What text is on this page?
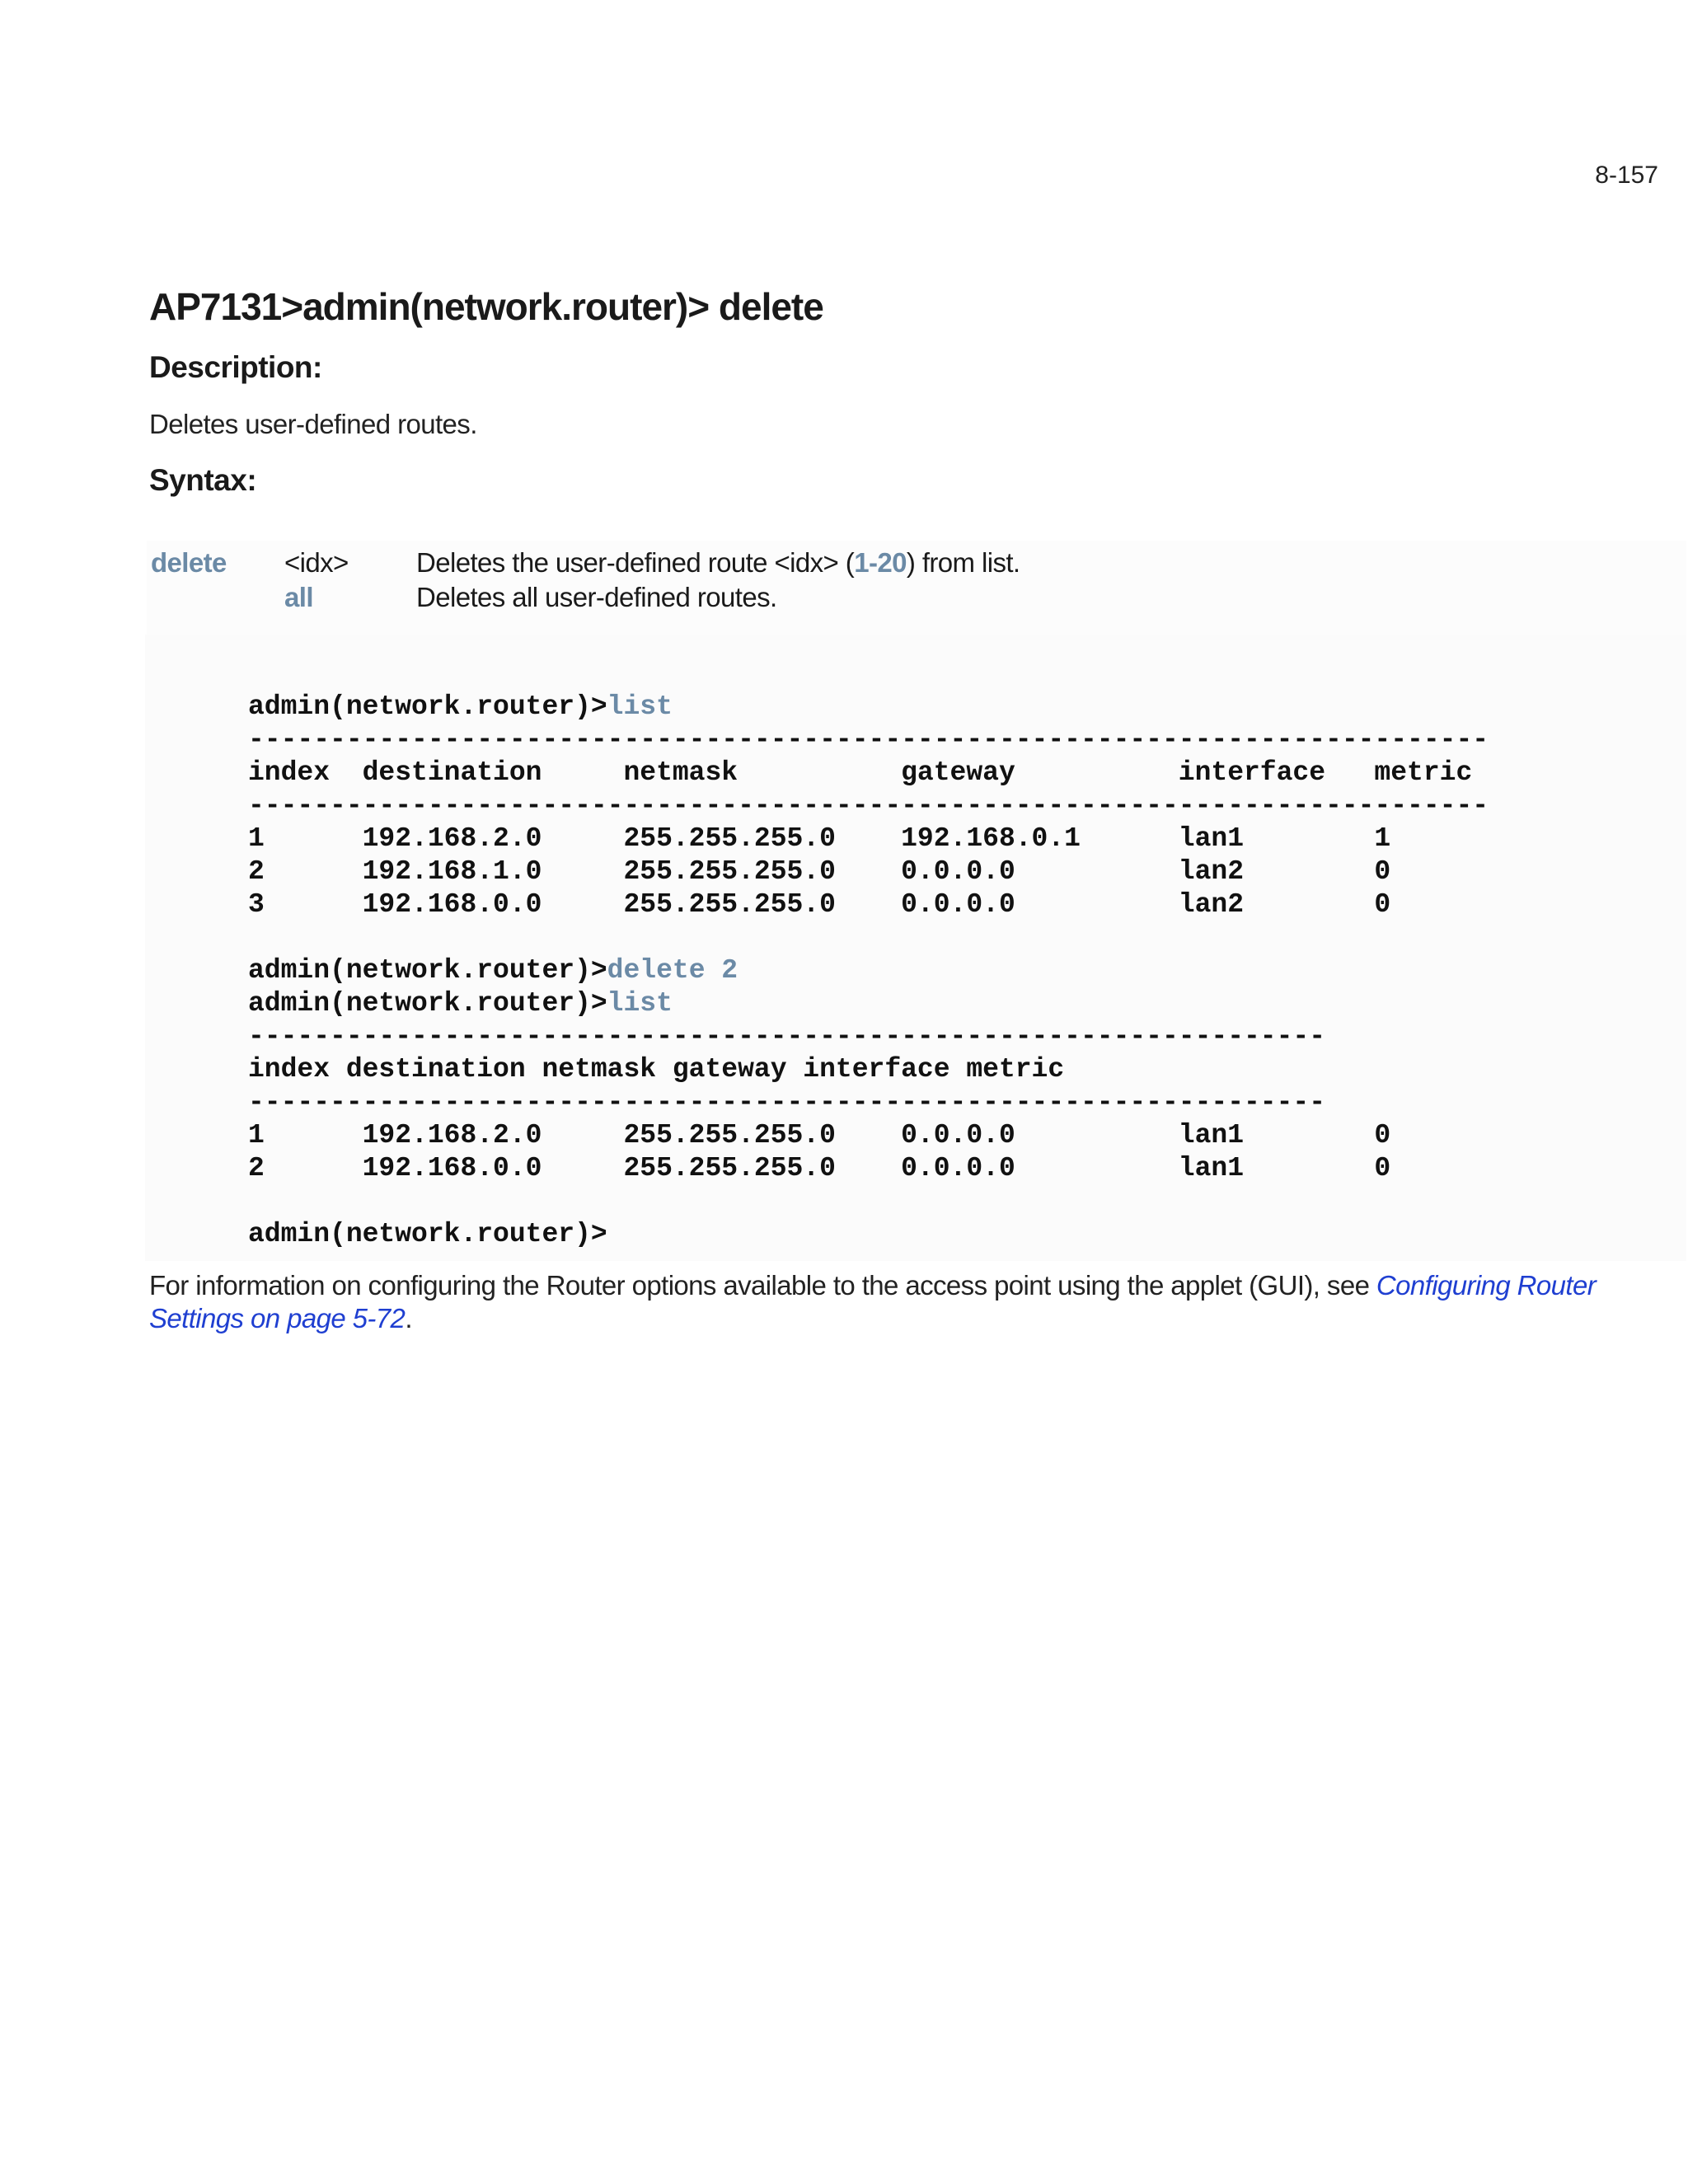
8-157
AP7131>admin(network.router)> delete
Description:
Deletes user-defined routes.
Syntax:
delete <idx> Deletes the user-defined route <idx> (1-20) from list.
all	Deletes all user-defined routes.
admin(network.router)>list
----------------------------------------------------------------------------
index  destination     netmask          gateway          interface   metric
----------------------------------------------------------------------------
1      192.168.2.0     255.255.255.0    192.168.0.1      lan1        1
2      192.168.1.0     255.255.255.0    0.0.0.0          lan2        0
3      192.168.0.0     255.255.255.0    0.0.0.0          lan2        0
admin(network.router)>delete 2
admin(network.router)>list
------------------------------------------------------------------
index destination netmask gateway interface metric
------------------------------------------------------------------
1      192.168.2.0     255.255.255.0    0.0.0.0          lan1        0
2      192.168.0.0     255.255.255.0    0.0.0.0          lan1        0
admin(network.router)>
For information on configuring the Router options available to the access point using the applet (GUI), see Configuring Router Settings on page 5-72.
